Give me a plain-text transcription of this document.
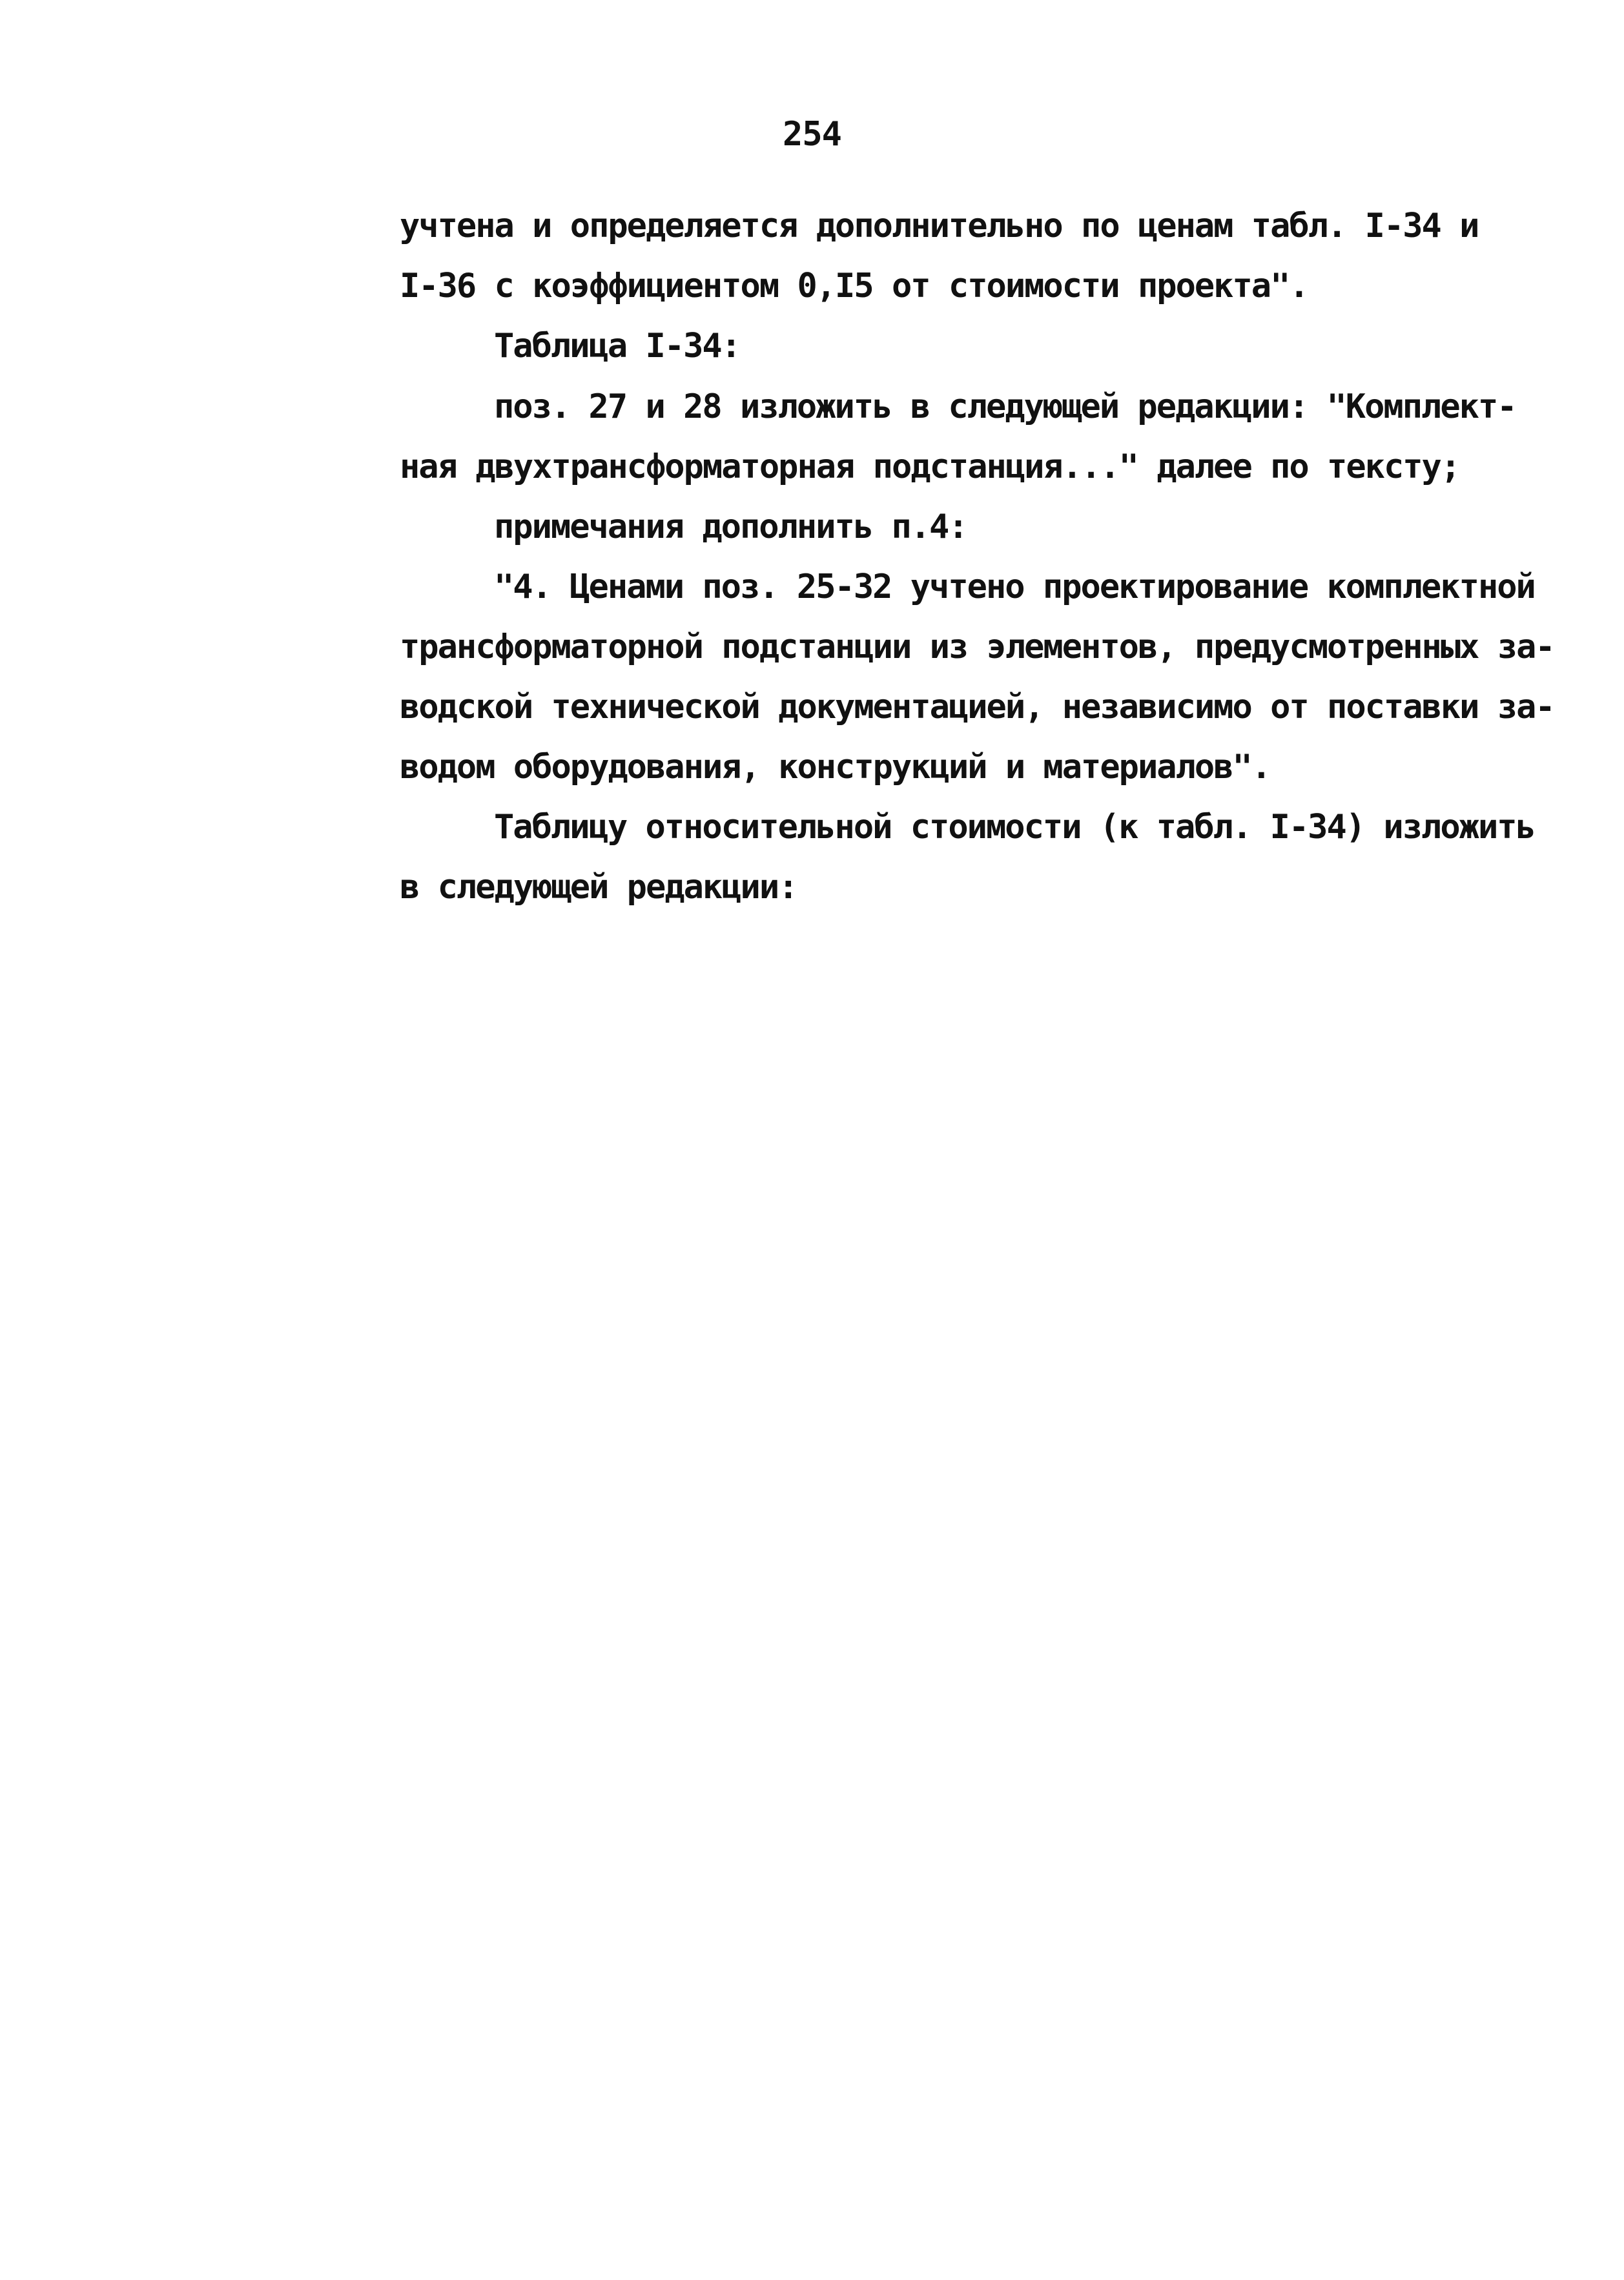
254
учтена и определяется дополнительно по ценам табл. I-34 и
I-36 с коэффициентом 0,I5 от стоимости проекта".
Таблица I-34:
поз. 27 и 28 изложить в следующей редакции: "Комплект-
ная двухтрансформаторная подстанция..." далее по тексту;
примечания дополнить п.4:
"4. Ценами поз. 25-32 учтено проектирование комплектной
трансформаторной подстанции из элементов, предусмотренных за-
водской технической документацией, независимо от поставки за-
водом оборудования, конструкций и материалов".
Таблицу относительной стоимости (к табл. I-34) изложить
в следующей редакции:
